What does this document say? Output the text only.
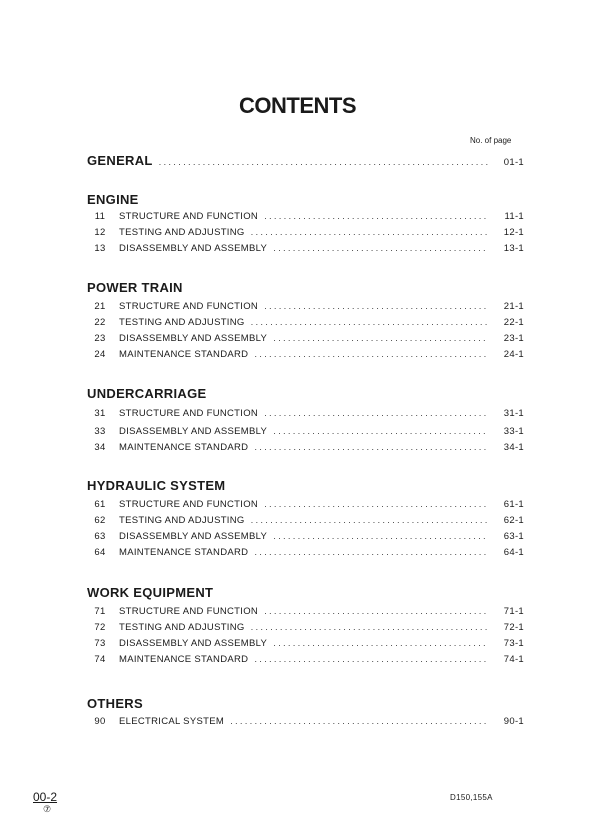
CONTENTS
No. of page
GENERAL . . .	01-1
ENGINE
11	STRUCTURE AND FUNCTION . . .	11-1
12	TESTING AND ADJUSTING . . .	12-1
13	DISASSEMBLY AND ASSEMBLY . . .	13-1
POWER TRAIN
21	STRUCTURE AND FUNCTION . . .	21-1
22	TESTING AND ADJUSTING . . .	22-1
23	DISASSEMBLY AND ASSEMBLY . . .	23-1
24	MAINTENANCE STANDARD . . .	24-1
UNDERCARRIAGE
31	STRUCTURE AND FUNCTION . . .	31-1
33	DISASSEMBLY AND ASSEMBLY . . .	33-1
34	MAINTENANCE STANDARD . . .	34-1
HYDRAULIC SYSTEM
61	STRUCTURE AND FUNCTION . . .	61-1
62	TESTING AND ADJUSTING . . .	62-1
63	DISASSEMBLY AND ASSEMBLY . . .	63-1
64	MAINTENANCE STANDARD . . .	64-1
WORK EQUIPMENT
71	STRUCTURE AND FUNCTION . . .	71-1
72	TESTING AND ADJUSTING . . .	72-1
73	DISASSEMBLY AND ASSEMBLY . . .	73-1
74	MAINTENANCE STANDARD . . .	74-1
OTHERS
90	ELECTRICAL SYSTEM . . .	90-1
00-2
⑦
D150,155A
